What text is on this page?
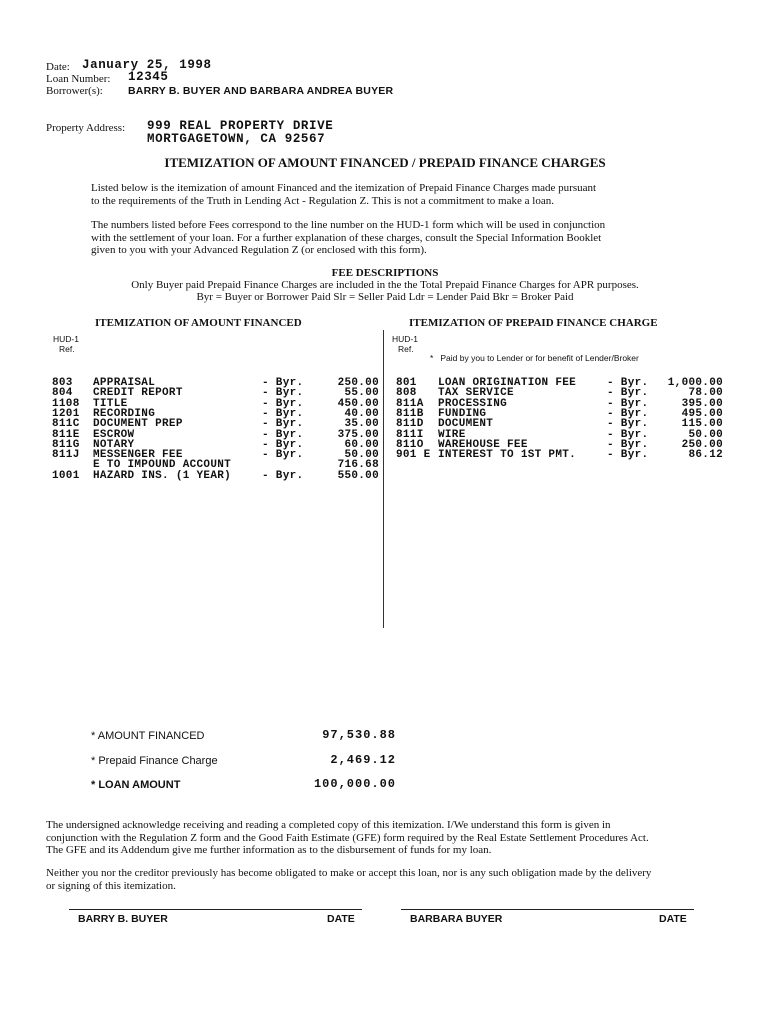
Date: January 25, 1998
Loan Number: 12345
Borrower(s): BARRY B. BUYER AND BARBARA ANDREA BUYER
Property Address: 999 REAL PROPERTY DRIVE
MORTGAGETOWN, CA 92567
ITEMIZATION OF AMOUNT FINANCED / PREPAID FINANCE CHARGES
Listed below is the itemization of amount Financed and the itemization of Prepaid Finance Charges made pursuant
to the requirements of the Truth in Lending Act - Regulation Z. This is not a commitment to make a loan.
The numbers listed before Fees correspond to the line number on the HUD-1 form which will be used in conjunction
with the settlement of your loan. For a further explanation of these charges, consult the Special Information Booklet
given to you with your Advanced Regulation Z (or enclosed with this form).
FEE DESCRIPTIONS
Only Buyer paid Prepaid Finance Charges are included in the the Total Prepaid Finance Charges for APR purposes.
Byr = Buyer or Borrower Paid Slr = Seller Paid Ldr = Lender Paid Bkr = Broker Paid
ITEMIZATION OF AMOUNT FINANCED	ITEMIZATION OF PREPAID FINANCE CHARGE
HUD-1
Ref.
HUD-1
Ref.
*   Paid by you to Lender or for benefit of Lender/Broker
803 APPRAISAL	- Byr.	250.00
804 CREDIT REPORT	- Byr.	55.00
1108 TITLE	- Byr.	450.00
1201 RECORDING	- Byr.	40.00
811C DOCUMENT PREP	- Byr.	35.00
811E ESCROW	- Byr.	375.00
811G NOTARY	- Byr.	60.00
811J MESSENGER FEE	- Byr.	50.00
E TO IMPOUND ACCOUNT	716.68
1001 HAZARD INS. (1 YEAR)	- Byr.	550.00
801 LOAN ORIGINATION FEE	- Byr. 1,000.00
808 TAX SERVICE	- Byr.	78.00
811A PROCESSING	- Byr.	395.00
811B FUNDING	- Byr.	495.00
811D DOCUMENT	- Byr.	115.00
811I WIRE	- Byr.	50.00
811O WAREHOUSE FEE	- Byr.	250.00
901 E INTEREST TO 1ST PMT.	- Byr.	86.12
* AMOUNT FINANCED	97,530.88
* Prepaid Finance Charge	2,469.12
* LOAN AMOUNT	100,000.00
The undersigned acknowledge receiving and reading a completed copy of this itemization. I/We understand this form is given in
conjunction with the Regulation Z form and the Good Faith Estimate (GFE) form required by the Real Estate Settlement Procedures Act.
The GFE and its Addendum give me further information as to the disbursement of funds for my loan.
Neither you nor the creditor previously has become obligated to make or accept this loan, nor is any such obligation made by the delivery
or signing of this itemization.
BARRY B. BUYER	DATE	BARBARA BUYER	DATE
